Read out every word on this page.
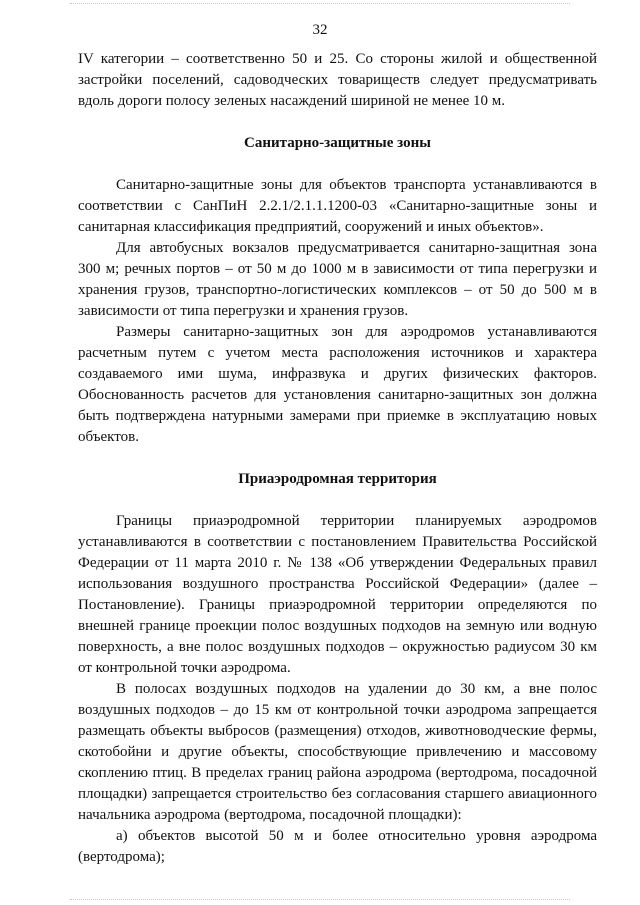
32

IV категории – соответственно 50 и 25. Со стороны жилой и общественной застройки поселений, садоводческих товариществ следует предусматривать вдоль дороги полосу зеленых насаждений шириной не менее 10 м.

Санитарно-защитные зоны

Санитарно-защитные зоны для объектов транспорта устанавливаются в соответствии с СанПиН 2.2.1/2.1.1.1200-03 «Санитарно-защитные зоны и санитарная классификация предприятий, сооружений и иных объектов».

Для автобусных вокзалов предусматривается санитарно-защитная зона 300 м; речных портов – от 50 м до 1000 м в зависимости от типа перегрузки и хранения грузов, транспортно-логистических комплексов – от 50 до 500 м в зависимости от типа перегрузки и хранения грузов.

Размеры санитарно-защитных зон для аэродромов устанавливаются расчетным путем с учетом места расположения источников и характера создаваемого ими шума, инфразвука и других физических факторов. Обоснованность расчетов для установления санитарно-защитных зон должна быть подтверждена натурными замерами при приемке в эксплуатацию новых объектов.

Приаэродромная территория

Границы приаэродромной территории планируемых аэродромов устанавливаются в соответствии с постановлением Правительства Российской Федерации от 11 марта 2010 г. № 138 «Об утверждении Федеральных правил использования воздушного пространства Российской Федерации» (далее – Постановление). Границы приаэродромной территории определяются по внешней границе проекции полос воздушных подходов на земную или водную поверхность, а вне полос воздушных подходов – окружностью радиусом 30 км от контрольной точки аэродрома.

В полосах воздушных подходов на удалении до 30 км, а вне полос воздушных подходов – до 15 км от контрольной точки аэродрома запрещается размещать объекты выбросов (размещения) отходов, животноводческие фермы, скотобойни и другие объекты, способствующие привлечению и массовому скоплению птиц. В пределах границ района аэродрома (вертодрома, посадочной площадки) запрещается строительство без согласования старшего авиационного начальника аэродрома (вертодрома, посадочной площадки):

а) объектов высотой 50 м и более относительно уровня аэродрома (вертодрома);
